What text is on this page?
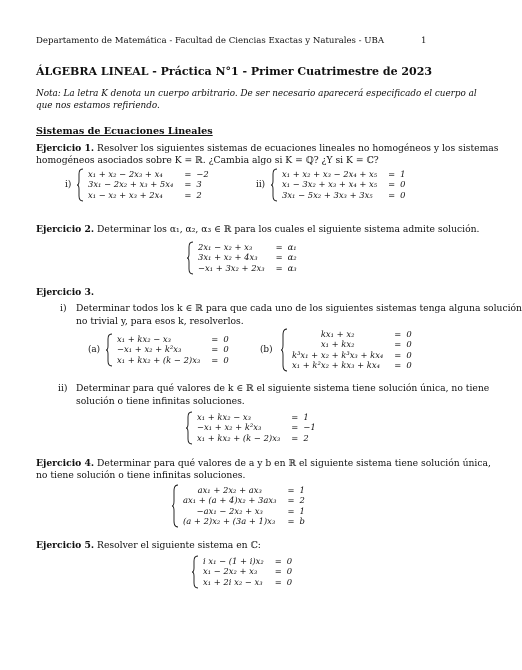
Departamento de Matemática - Facultad de Ciencias Exactas y Naturales - UBA	1
ÁLGEBRA LINEAL - Práctica N°1 - Primer Cuatrimestre de 2023
Nota: La letra K denota un cuerpo arbitrario. De ser necesario aparecerá especificado el cuerpo al
que nos estamos refiriendo.
Sistemas de Ecuaciones Lineales
Ejercicio 1. Resolver los siguientes sistemas de ecuaciones lineales no homogéneos y los sistemas
homogéneos asociados sobre K = ℝ. ¿Cambia algo si K = ℚ? ¿Y si K = ℂ?
i)
x₁ + x₂ − 2x₃ + x₄	=	−2
3x₁ − 2x₂ + x₃ + 5x₄	=	3
x₁ − x₂ + x₃ + 2x₄	=	2
ii)
x₁ + x₂ + x₃ − 2x₄ + x₅	=	1
x₁ − 3x₂ + x₃ + x₄ + x₅	=	0
3x₁ − 5x₂ + 3x₃ + 3x₅	=	0
Ejercicio 2. Determinar los α₁, α₂, α₃ ∈ ℝ para los cuales el siguiente sistema admite solución.
2x₁ − x₂ + x₃	=	α₁
3x₁ + x₂ + 4x₃	=	α₂
−x₁ + 3x₂ + 2x₃	=	α₃
Ejercicio 3.
i) Determinar todos los k ∈ ℝ para que cada uno de los siguientes sistemas tenga alguna solución
no trivial y, para esos k, resolverlos.
(a)
x₁ + kx₂ − x₃	=	0
−x₁ + x₂ + k²x₃	=	0
x₁ + kx₂ + (k − 2)x₃	=	0
(b)
kx₁ + x₂	=	0
x₁ + kx₂	=	0
k³x₁ + x₂ + k³x₃ + kx₄	=	0
x₁ + k²x₂ + kx₃ + kx₄	=	0
ii) Determinar para qué valores de k ∈ ℝ el siguiente sistema tiene solución única, no tiene
solución o tiene infinitas soluciones.
x₁ + kx₂ − x₃	=	1
−x₁ + x₂ + k²x₃	=	−1
x₁ + kx₂ + (k − 2)x₃	=	2
Ejercicio 4. Determinar para qué valores de a y b en ℝ el siguiente sistema tiene solución única,
no tiene solución o tiene infinitas soluciones.
ax₁ + 2x₂ + ax₃	=	1
ax₁ + (a + 4)x₂ + 3ax₃	=	2
−ax₁ − 2x₂ + x₃	=	1
(a + 2)x₂ + (3a + 1)x₃	=	b
Ejercicio 5. Resolver el siguiente sistema en ℂ:
i x₁ − (1 + i)x₂	=	0
x₁ − 2x₂ + x₃	=	0
x₁ + 2i x₂ − x₃	=	0
